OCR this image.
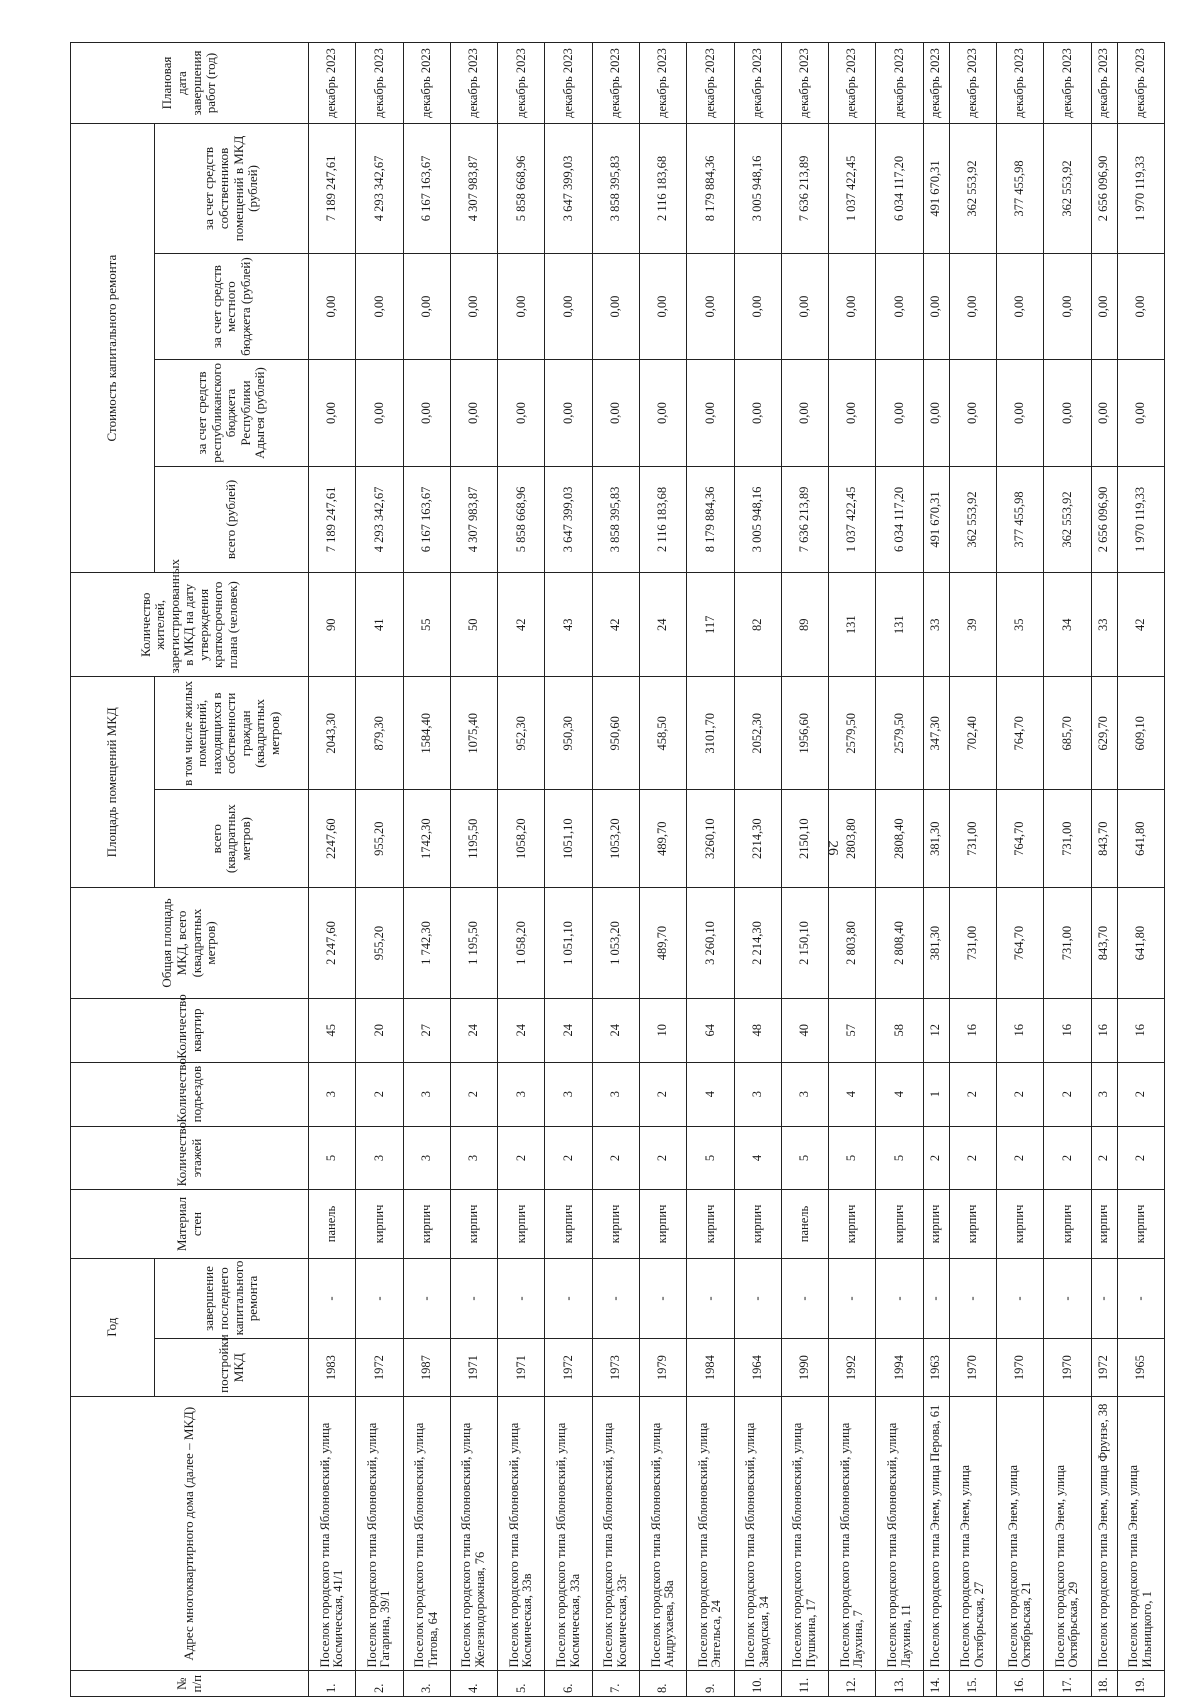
26
№ п/п	Адрес многоквартирного дома (далее – МКД)	Год		Материал стен	Количество этажей	Количество подъездов	Количество квартир	Общая площадь МКД, всего (квадратных метров)	Площадь помещений МКД		Количество жителей, зарегистрированных в МКД на дату утверждения краткосрочного плана (человек)	Стоимость капитального ремонта				Плановая дата завершения работ (год)
		постройки МКД	завершение последнего капитального ремонта						всего (квадратных метров)	в том числе жилых помещений, находящихся в собственности граждан (квадратных метров)		всего (рублей)	за счет средств республиканского бюджета Республики Адыгея (рублей)	за счет средств местного бюджета (рублей)	за счет средств собственников помещений в МКД (рублей)	
1.	Поселок городского типа Яблоновский, улица Космическая, 41/1	1983	-	панель	5	3	45	2 247,60	2247,60	2043,30	90	7 189 247,61	0,00	0,00	7 189 247,61	декабрь 2023
2.	Поселок городского типа Яблоновский, улица Гагарина, 39/1	1972	-	кирпич	3	2	20	955,20	955,20	879,30	41	4 293 342,67	0,00	0,00	4 293 342,67	декабрь 2023
3.	Поселок городского типа Яблоновский, улица Титова, 64	1987	-	кирпич	3	3	27	1 742,30	1742,30	1584,40	55	6 167 163,67	0,00	0,00	6 167 163,67	декабрь 2023
4.	Поселок городского типа Яблоновский, улица Железнодорожная, 76	1971	-	кирпич	3	2	24	1 195,50	1195,50	1075,40	50	4 307 983,87	0,00	0,00	4 307 983,87	декабрь 2023
5.	Поселок городского типа Яблоновский, улица Космическая, 33в	1971	-	кирпич	2	3	24	1 058,20	1058,20	952,30	42	5 858 668,96	0,00	0,00	5 858 668,96	декабрь 2023
6.	Поселок городского типа Яблоновский, улица Космическая, 33а	1972	-	кирпич	2	3	24	1 051,10	1051,10	950,30	43	3 647 399,03	0,00	0,00	3 647 399,03	декабрь 2023
7.	Поселок городского типа Яблоновский, улица Космическая, 33г	1973	-	кирпич	2	3	24	1 053,20	1053,20	950,60	42	3 858 395,83	0,00	0,00	3 858 395,83	декабрь 2023
8.	Поселок городского типа Яблоновский, улица Андрухаева, 58а	1979	-	кирпич	2	2	10	489,70	489,70	458,50	24	2 116 183,68	0,00	0,00	2 116 183,68	декабрь 2023
9.	Поселок городского типа Яблоновский, улица Энгельса, 24	1984	-	кирпич	5	4	64	3 260,10	3260,10	3101,70	117	8 179 884,36	0,00	0,00	8 179 884,36	декабрь 2023
10.	Поселок городского типа Яблоновский, улица Заводская, 34	1964	-	кирпич	4	3	48	2 214,30	2214,30	2052,30	82	3 005 948,16	0,00	0,00	3 005 948,16	декабрь 2023
11.	Поселок городского типа Яблоновский, улица Пушкина, 17	1990	-	панель	5	3	40	2 150,10	2150,10	1956,60	89	7 636 213,89	0,00	0,00	7 636 213,89	декабрь 2023
12.	Поселок городского типа Яблоновский, улица Лаухина, 7	1992	-	кирпич	5	4	57	2 803,80	2803,80	2579,50	131	1 037 422,45	0,00	0,00	1 037 422,45	декабрь 2023
13.	Поселок городского типа Яблоновский, улица Лаухина, 11	1994	-	кирпич	5	4	58	2 808,40	2808,40	2579,50	131	6 034 117,20	0,00	0,00	6 034 117,20	декабрь 2023
14.	Поселок городского типа Энем, улица Перова, 61	1963	-	кирпич	2	1	12	381,30	381,30	347,30	33	491 670,31	0,00	0,00	491 670,31	декабрь 2023
15.	Поселок городского типа Энем, улица Октябрьская, 27	1970	-	кирпич	2	2	16	731,00	731,00	702,40	39	362 553,92	0,00	0,00	362 553,92	декабрь 2023
16.	Поселок городского типа Энем, улица Октябрьская, 21	1970	-	кирпич	2	2	16	764,70	764,70	764,70	35	377 455,98	0,00	0,00	377 455,98	декабрь 2023
17.	Поселок городского типа Энем, улица Октябрьская, 29	1970	-	кирпич	2	2	16	731,00	731,00	685,70	34	362 553,92	0,00	0,00	362 553,92	декабрь 2023
18.	Поселок городского типа Энем, улица Фрунзе, 38	1972	-	кирпич	2	3	16	843,70	843,70	629,70	33	2 656 096,90	0,00	0,00	2 656 096,90	декабрь 2023
19.	Поселок городского типа Энем, улица Ильницкого, 1	1965	-	кирпич	2	2	16	641,80	641,80	609,10	42	1 970 119,33	0,00	0,00	1 970 119,33	декабрь 2023
